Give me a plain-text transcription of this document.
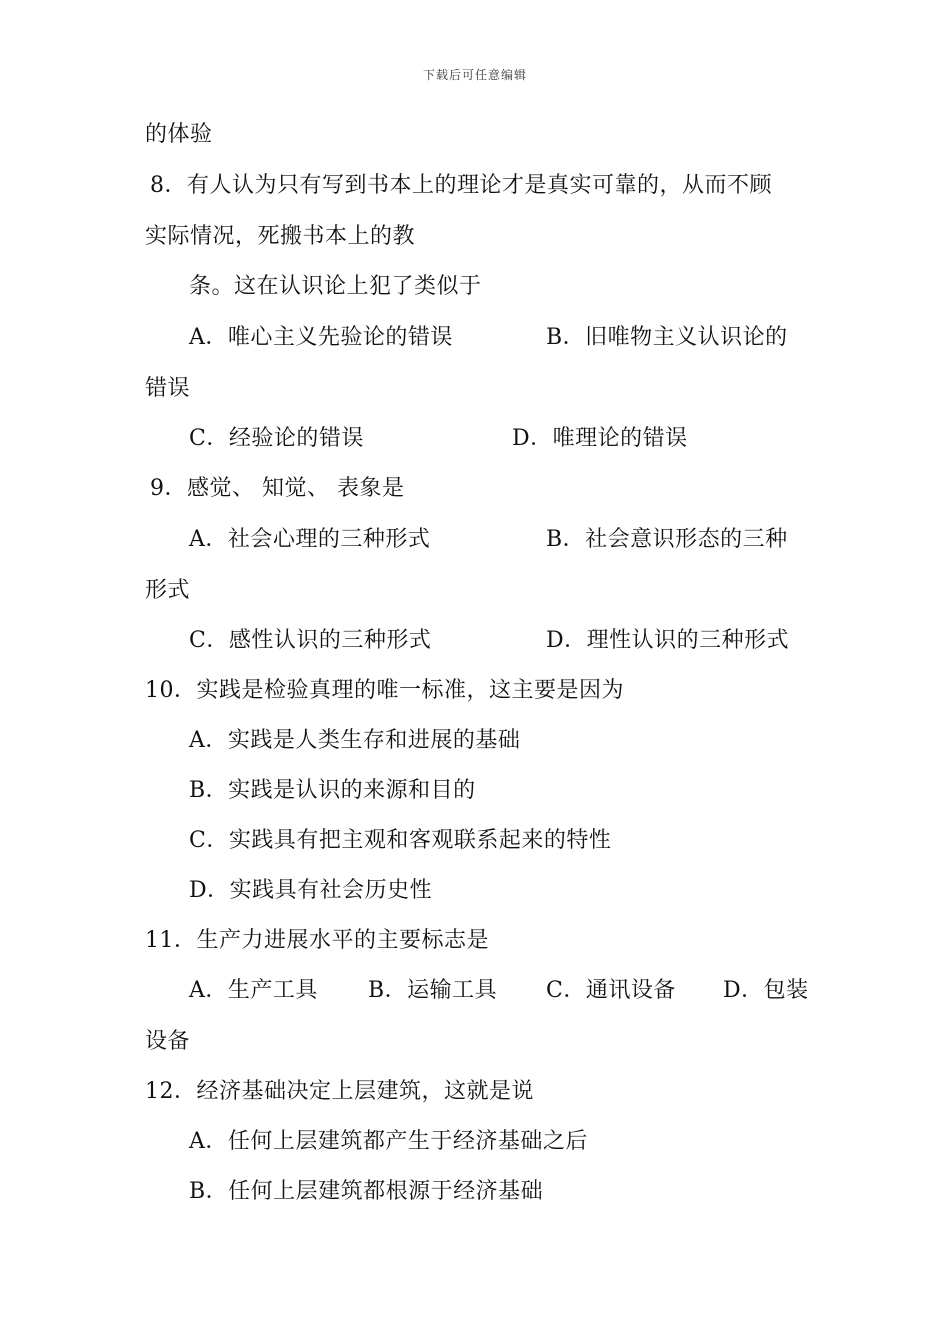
下载后可任意编辑
的体验
8．有人认为只有写到书本上的理论才是真实可靠的，从而不顾
实际情况，死搬书本上的教
条。这在认识论上犯了类似于
A．唯心主义先验论的错误	B．旧唯物主义认识论的
错误
C．经验论的错误	D．唯理论的错误
9．感觉、 知觉、 表象是
A．社会心理的三种形式	B．社会意识形态的三种
形式
C．感性认识的三种形式	D．理性认识的三种形式
10．实践是检验真理的唯一标准，这主要是因为
A．实践是人类生存和进展的基础
B．实践是认识的来源和目的
C．实践具有把主观和客观联系起来的特性
D．实践具有社会历史性
11．生产力进展水平的主要标志是
A．生产工具 B．运输工具 C．通讯设备 D．包装
设备
12．经济基础决定上层建筑，这就是说
A．任何上层建筑都产生于经济基础之后
B．任何上层建筑都根源于经济基础
